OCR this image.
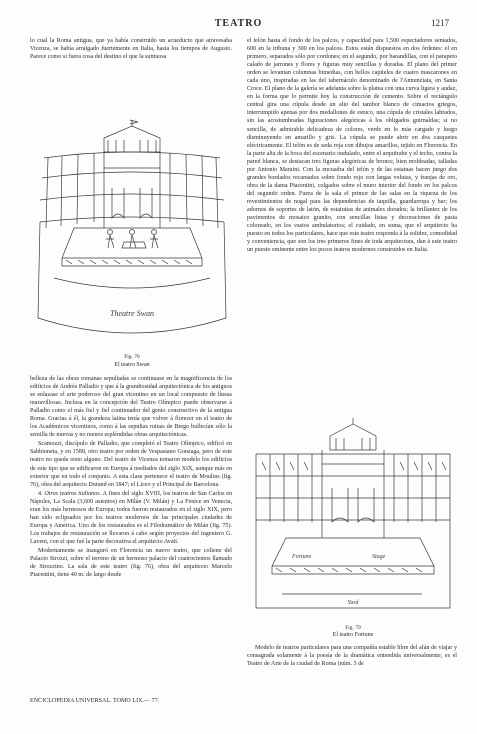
TEATRO	1217

lo cual la Roma antigua, que ya había construido un acueducto que atravesaba Vicenza, se había arraigado fuertemente en Italia, hasta los tiempos de Augusto. Parece como si fuera cosa del destino el que la suntuosa

Theatre Swan
Fig. 78
El teatro Swan

belleza de las obras romanas sepultadas se continuase en la magnificencia de los edificios de Andrés Palladio y que á la grandiosidad arquitectónica de los antiguos se enlazase el arte poderoso del gran vicentino en un local compuesto de líneas maravillosas. Inclusa en la concepción del Teatro Olímpico puede observarse á Palladio como el más fiel y fiel continuador del genio constructivo de la antigua Roma. Gracias á él, la grandeza latina tenía que volver á florecer en el teatro de los Académicos vicentinos, como á las sepultas ruinas de Bergo bullecían sólo la semilla de nuevas y no menos espléndidas obras arquitectónicas.

Scamozzi, discípulo de Palladio, que completó el Teatro Olímpico, edificó en Sabbioneta, y en 1588, otro teatro por orden de Vespasiano Gonzaga, pero de este teatro no queda resto alguno. Del teatro de Vicenza tomaron modelo los edificios de este tipo que se edificaron en Europa á mediados del siglo XIX, aunque más en exterior que en todo el conjunto. A esta clase pertenece el teatro de Moulins (fig. 76), obra del arquitecto Durand en 1847; el Liceo y el Principal de Barcelona.

4. Otros teatros italianos. A fines del siglo XVIII, los teatros de San Carlos en Nápoles, La Scala (3,600 asientos) en Milán (V. Milán) y La Fenice en Venecia, eran los más hermosos de Europa; todos fueron restaurados en el siglo XIX, pero han sido eclipsados por los teatros modernos de las principales ciudades de Europa y América. Uno de los restaurados es el Filodramático de Milán (fig. 75). Los trabajos de restauración se llevaron á cabo según proyectos del ingeniero G. Laveni, con el que fué la parte decorativa el arquitecto Avati.

Modernamente se inauguró en Florencia un nuevo teatro, que coliene del Palacio Strozzi, sobre el terreno de un hermoso palacio del cuatrocientos llamado de Strozzino. La sala de este teatro (fig. 76), obra del arquitecto Marcelo Piacentini, tiene 40 m. de largo desde

ENCICLOPEDIA UNIVERSAL. TOMO LIX.— 77.

el telón hasta el fondo de los palcos, y capacidad para 1,500 espectadores sentados, 600 en la tribuna y 300 en los palcos. Estos están dispuestos en dos órdenes: el en primero, separados sólo por cordones; en el segundo, por barandillas, con el parapeto calado de jarrones y flores y figuras muy sencillas y doradas. El plano del primer orden se levantan columnas bimedias, con bellos capiteles de cuatro mascarones en cada uno, inspiradas en las del tabernáculo denominado de l'Annunziata, en Santa Croce. El plano de la galería se adelanta sobre la platea con una curva ligera y audaz, en la forma que lo permite hoy la construcción de cemento. Sobre el rectángulo central gira una cúpula desde un alto del tambor blanco de cimacios griegos, interrumpido apenas por dos medallones de estuco, una cúpula de cristales labrados, sin las acostumbradas figuraciones alegóricas á los obligados guirnaldas; sí no sencilla, de admirable delicadeza de colores, verde en lo más cargado y luego disminuyendo en amarillo y gris. La cúpula se puede abrir en dos casquetes eléctricamente. El telón es de seda roja con dibujos amarillos, tejido en Florencia. En la parte alta de la boca del escenario ondulado, entre el arquitrabe y el techo, contra la pared blanca, se destacan tres figuras alegóricas de bronce, bien moldeadas, talladas por Antonio Maraini. Con la encuadra del telón y de las estatuas hacen juego dos grandes bordados recamados sobre fondo rojo con largas volutas, y franjas de oro, obra de la dama Piacentini, colgados sobre el muro interior del fondo en los palcos del segundo orden. Fuera de la sala el primor de las salas en la riqueza de los revestimientos de nogal para las dependencias de taquilla, guardarropa y bar; los adornos de soportes de latón, de estatuitas de animales dorados; la brillantez de los pavimentos de mosaico granito, con sencillas listas y decoraciones de pasta coloreado, en los vastos ambulatorios; el cuidado, en suma, que el arquitecto ha puesto en todos los particulares, hace que este teatro responda á la solidez, comodidad y conveniencia, que son los tres primeros fines de toda arquitectura, dan á este teatro un puesto eminente entre los pocos teatros modernos construidos en Italia.

Fortune	Stage
Yard
Fig. 79
El teatro Fortune

Modelo de teatros particulares para una compañía estable libre del afán de viajar y consagrada solamente á la poesía de la dramática entendida universalmente, es el Teatro de Arte de la ciudad de Roma (núm. 3 de
